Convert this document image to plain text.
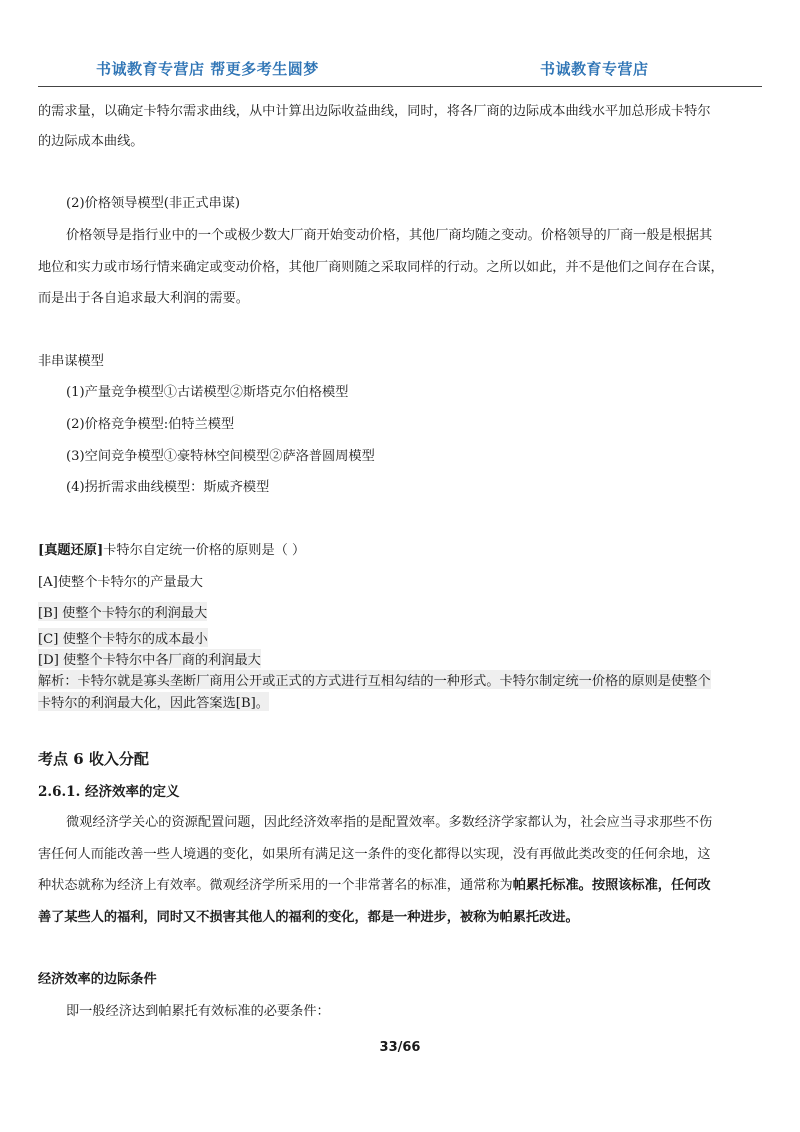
书诚教育专营店 帮更多考生圆梦	书诚教育专营店
的需求量，以确定卡特尔需求曲线，从中计算出边际收益曲线，同时，将各厂商的边际成本曲线水平加总形成卡特尔
的边际成本曲线。
(2)价格领导模型(非正式串谋)
价格领导是指行业中的一个或极少数大厂商开始变动价格，其他厂商均随之变动。价格领导的厂商一般是根据其
地位和实力或市场行情来确定或变动价格，其他厂商则随之采取同样的行动。之所以如此，并不是他们之间存在合谋，
而是出于各自追求最大利润的需要。
非串谋模型
(1)产量竞争模型①古诺模型②斯塔克尔伯格模型
(2)价格竞争模型:伯特兰模型
(3)空间竞争模型①豪特林空间模型②萨洛普圆周模型
(4)拐折需求曲线模型：斯威齐模型
[真题还原]卡特尔自定统一价格的原则是（ ）
[A]使整个卡特尔的产量最大
[B] 使整个卡特尔的利润最大
[C] 使整个卡特尔的成本最小
[D] 使整个卡特尔中各厂商的利润最大
解析：卡特尔就是寡头垄断厂商用公开或正式的方式进行互相勾结的一种形式。卡特尔制定统一价格的原则是使整个
卡特尔的利润最大化，因此答案选[B]。
考点 6 收入分配
2.6.1. 经济效率的定义
微观经济学关心的资源配置问题，因此经济效率指的是配置效率。多数经济学家都认为，社会应当寻求那些不伤
害任何人而能改善一些人境遇的变化，如果所有满足这一条件的变化都得以实现，没有再做此类改变的任何余地，这
种状态就称为经济上有效率。微观经济学所采用的一个非常著名的标准，通常称为帕累托标准。按照该标准，任何改
善了某些人的福利，同时又不损害其他人的福利的变化，都是一种进步，被称为帕累托改进。
经济效率的边际条件
即一般经济达到帕累托有效标准的必要条件：
33/66
